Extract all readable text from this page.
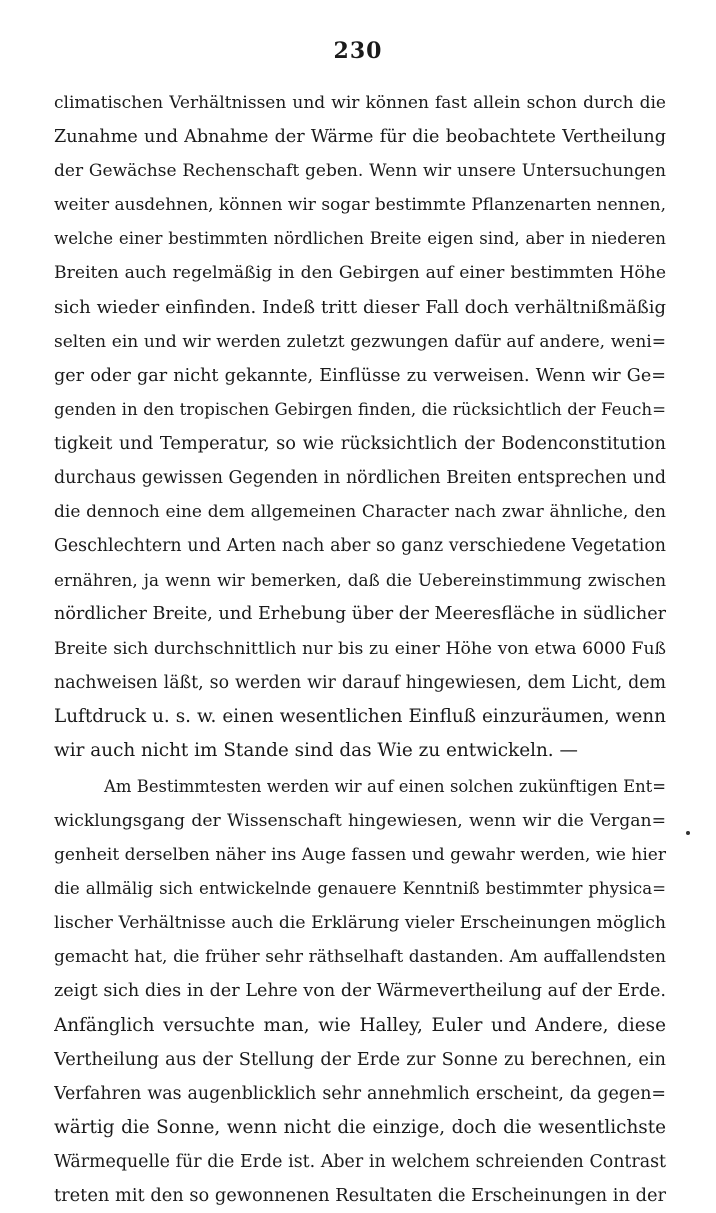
230
climatischen Verhältnissen und wir können fast allein schon durch die
Zunahme und Abnahme der Wärme für die beobachtete Vertheilung
der Gewächse Rechenschaft geben. Wenn wir unsere Untersuchungen
weiter ausdehnen, können wir sogar bestimmte Pflanzenarten nennen,
welche einer bestimmten nördlichen Breite eigen sind, aber in niederen
Breiten auch regelmäßig in den Gebirgen auf einer bestimmten Höhe
sich wieder einfinden. Indeß tritt dieser Fall doch verhältnißmäßig
selten ein und wir werden zuletzt gezwungen dafür auf andere, weni=
ger oder gar nicht gekannte, Einflüsse zu verweisen. Wenn wir Ge=
genden in den tropischen Gebirgen finden, die rücksichtlich der Feuch=
tigkeit und Temperatur, so wie rücksichtlich der Bodenconstitution
durchaus gewissen Gegenden in nördlichen Breiten entsprechen und
die dennoch eine dem allgemeinen Character nach zwar ähnliche, den
Geschlechtern und Arten nach aber so ganz verschiedene Vegetation
ernähren, ja wenn wir bemerken, daß die Uebereinstimmung zwischen
nördlicher Breite, und Erhebung über der Meeresfläche in südlicher
Breite sich durchschnittlich nur bis zu einer Höhe von etwa 6000 Fuß
nachweisen läßt, so werden wir darauf hingewiesen, dem Licht, dem
Luftdruck u. s. w. einen wesentlichen Einfluß einzuräumen, wenn
wir auch nicht im Stande sind das Wie zu entwickeln. —
Am Bestimmtesten werden wir auf einen solchen zukünftigen Ent=
wicklungsgang der Wissenschaft hingewiesen, wenn wir die Vergan=
genheit derselben näher ins Auge fassen und gewahr werden, wie hier
die allmälig sich entwickelnde genauere Kenntniß bestimmter physica=
lischer Verhältnisse auch die Erklärung vieler Erscheinungen möglich
gemacht hat, die früher sehr räthselhaft dastanden. Am auffallendsten
zeigt sich dies in der Lehre von der Wärmevertheilung auf der Erde.
Anfänglich versuchte man, wie Halley, Euler und Andere, diese
Vertheilung aus der Stellung der Erde zur Sonne zu berechnen, ein
Verfahren was augenblicklich sehr annehmlich erscheint, da gegen=
wärtig die Sonne, wenn nicht die einzige, doch die wesentlichste
Wärmequelle für die Erde ist. Aber in welchem schreienden Contrast
treten mit den so gewonnenen Resultaten die Erscheinungen in der
